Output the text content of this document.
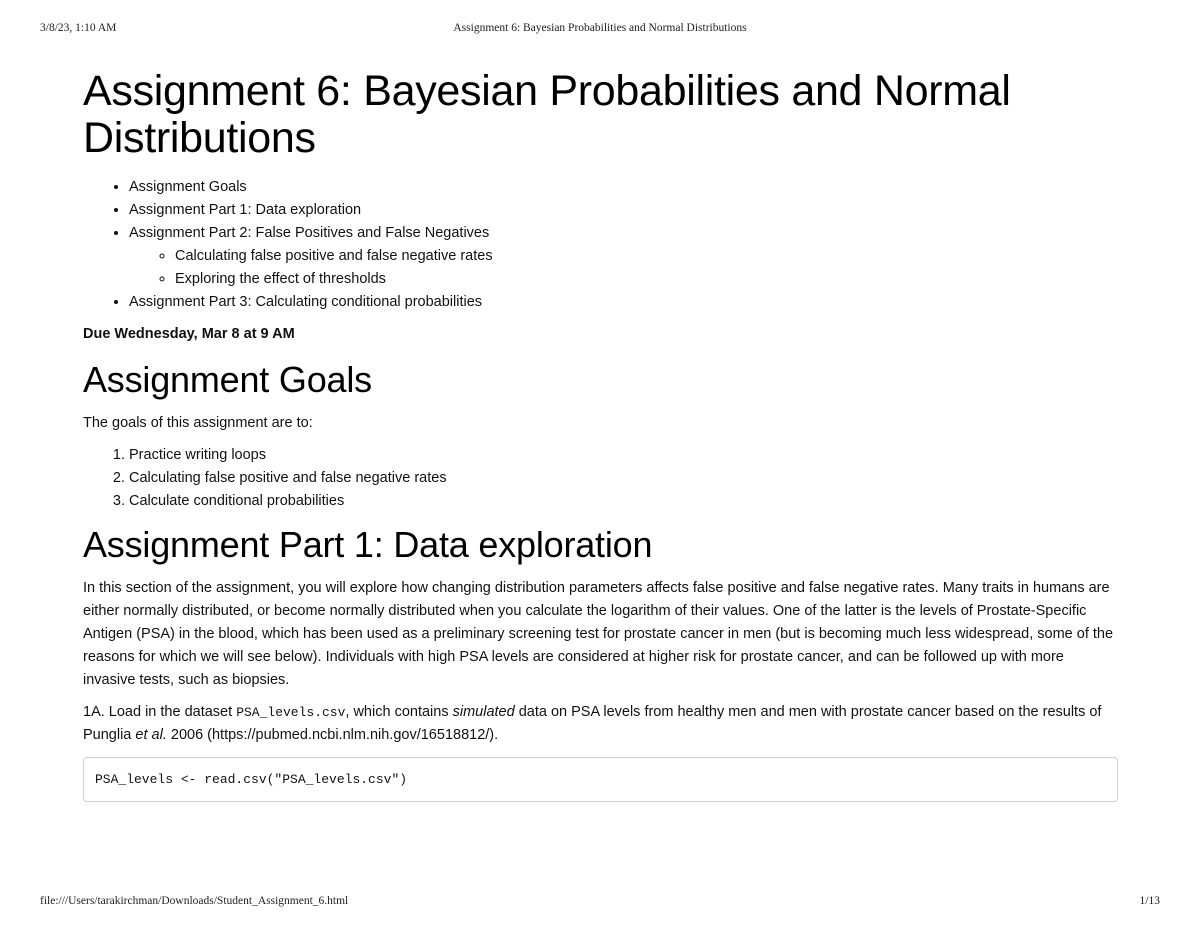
3/8/23, 1:10 AM	Assignment 6: Bayesian Probabilities and Normal Distributions
Assignment 6: Bayesian Probabilities and Normal Distributions
• Assignment Goals
• Assignment Part 1: Data exploration
• Assignment Part 2: False Positives and False Negatives
◦ Calculating false positive and false negative rates
◦ Exploring the effect of thresholds
• Assignment Part 3: Calculating conditional probabilities
Due Wednesday, Mar 8 at 9 AM
Assignment Goals

The goals of this assignment are to:

1. Practice writing loops
2. Calculating false positive and false negative rates
3. Calculate conditional probabilities
Assignment Part 1: Data exploration

In this section of the assignment, you will explore how changing distribution parameters affects false positive and false negative rates. Many traits in humans are either normally distributed, or become normally distributed when you calculate the logarithm of their values. One of the latter is the levels of Prostate-Specific Antigen (PSA) in the blood, which has been used as a preliminary screening test for prostate cancer in men (but is becoming much less widespread, some of the reasons for which we will see below). Individuals with high PSA levels are considered at higher risk for prostate cancer, and can be followed up with more invasive tests, such as biopsies.

1A. Load in the dataset PSA_levels.csv, which contains simulated data on PSA levels from healthy men and men with prostate cancer based on the results of Punglia et al. 2006 (https://pubmed.ncbi.nlm.nih.gov/16518812/).

PSA_levels <- read.csv("PSA_levels.csv")
file:///Users/tarakirchman/Downloads/Student_Assignment_6.html	1/13
